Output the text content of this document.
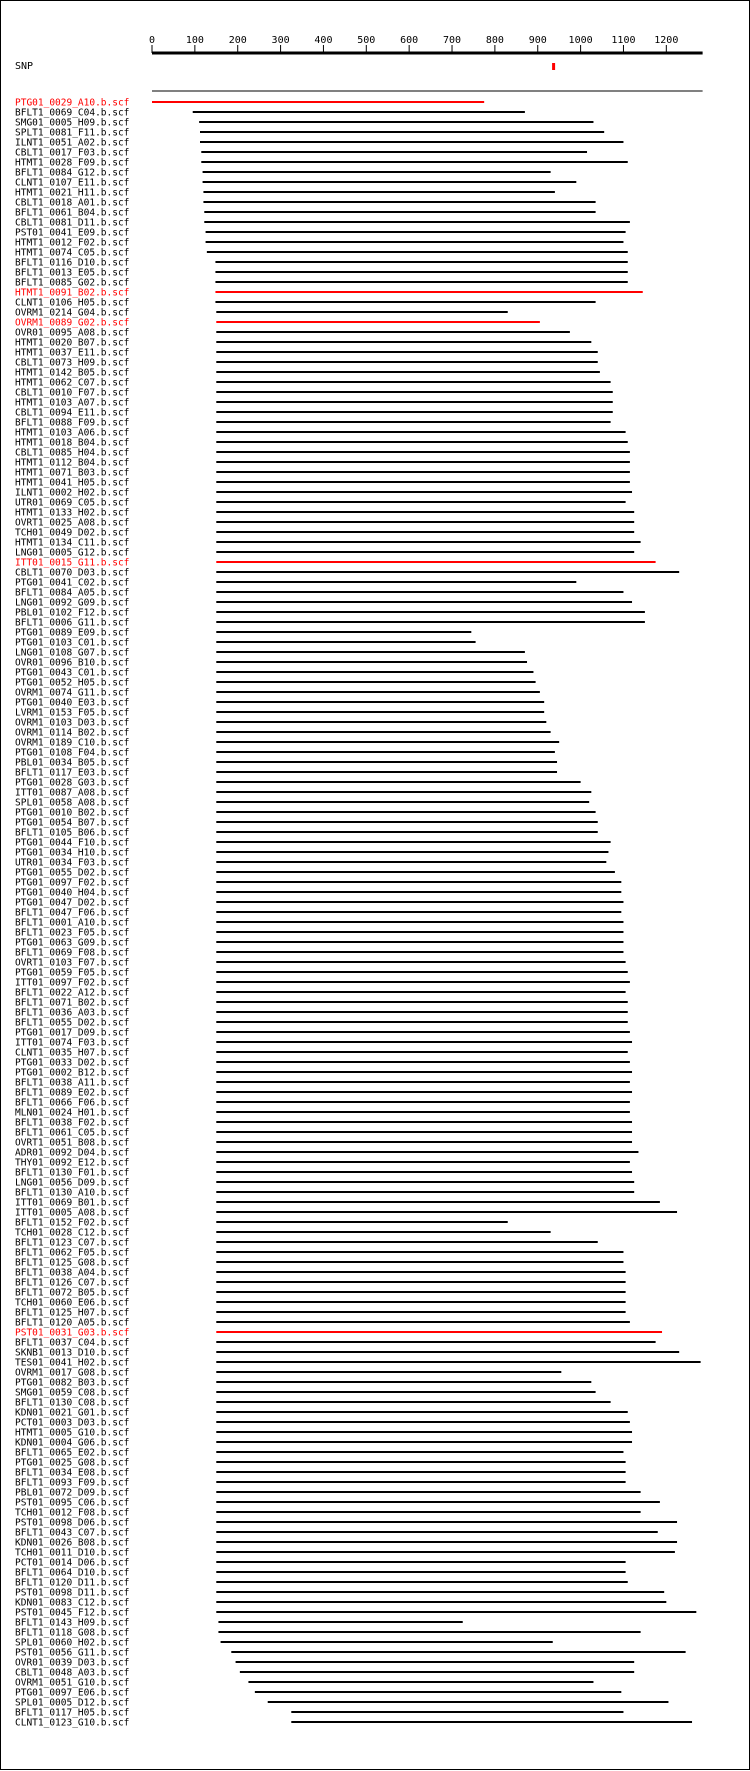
0	100 200 300 400 500 600 700 800 900 1000 1100 1200
SNP
PTG01_0029_A10.b.scf
BFLT1_0069_C04.b.scf
SMG01_0005_H09.b.scf
SPLT1_0081_F11.b.scf
ILNT1_0051_A02.b.scf
CBLT1_0017_F03.b.scf
HTMT1_0028_F09.b.scf
BFLT1_0084_G12.b.scf
CLNT1_0107_E11.b.scf
HTMT1_0021_H11.b.scf
CBLT1_0018_A01.b.scf
BFLT1_0061_B04.b.scf
CBLT1_0081_D11.b.scf
PST01_0041_E09.b.scf
HTMT1_0012_F02.b.scf
HTMT1_0074_C05.b.scf
BFLT1_0116_D10.b.scf
BFLT1_0013_E05.b.scf
BFLT1_0085_G02.b.scf
HTMT1_0091_B02.b.scf
CLNT1_0106_H05.b.scf
OVRM1_0214_G04.b.scf
OVRM1_0089_G02.b.scf
OVR01_0095_A08.b.scf
HTMT1_0020_B07.b.scf
HTMT1_0037_E11.b.scf
CBLT1_0073_H09.b.scf
HTMT1_0142_B05.b.scf
HTMT1_0062_C07.b.scf
CBLT1_0010_F07.b.scf
HTMT1_0103_A07.b.scf
CBLT1_0094_E11.b.scf
BFLT1_0088_F09.b.scf
HTMT1_0103_A06.b.scf
HTMT1_0018_B04.b.scf
CBLT1_0085_H04.b.scf
HTMT1_0112_B04.b.scf
HTMT1_0071_B03.b.scf
HTMT1_0041_H05.b.scf
ILNT1_0002_H02.b.scf
UTR01_0069_C05.b.scf
HTMT1_0133_H02.b.scf
OVRT1_0025_A08.b.scf
TCH01_0049_D02.b.scf
HTMT1_0134_C11.b.scf
LNG01_0005_G12.b.scf
ITT01_0015_G11.b.scf
CBLT1_0070_D03.b.scf
PTG01_0041_C02.b.scf
BFLT1_0084_A05.b.scf
LNG01_0092_G09.b.scf
PBL01_0102_F12.b.scf
BFLT1_0006_G11.b.scf
PTG01_0089_E09.b.scf
PTG01_0103_C01.b.scf
LNG01_0108_G07.b.scf
OVR01_0096_B10.b.scf
PTG01_0043_C01.b.scf
PTG01_0052_H05.b.scf
OVRM1_0074_G11.b.scf
PTG01_0040_E03.b.scf
LVRM1_0153_F05.b.scf
OVRM1_0103_D03.b.scf
OVRM1_0114_B02.b.scf
OVRM1_0189_C10.b.scf
PTG01_0108_F04.b.scf
PBL01_0034_B05.b.scf
BFLT1_0117_E03.b.scf
PTG01_0028_G03.b.scf
ITT01_0087_A08.b.scf
SPL01_0058_A08.b.scf
PTG01_0010_B02.b.scf
PTG01_0054_B07.b.scf
BFLT1_0105_B06.b.scf
PTG01_0044_F10.b.scf
PTG01_0034_H10.b.scf
UTR01_0034_F03.b.scf
PTG01_0055_D02.b.scf
PTG01_0097_F02.b.scf
PTG01_0040_H04.b.scf
PTG01_0047_D02.b.scf
BFLT1_0047_F06.b.scf
BFLT1_0001_A10.b.scf
BFLT1_0023_F05.b.scf
PTG01_0063_G09.b.scf
BFLT1_0069_F08.b.scf
OVRT1_0103_F07.b.scf
PTG01_0059_F05.b.scf
ITT01_0097_F02.b.scf
BFLT1_0022_A12.b.scf
BFLT1_0071_B02.b.scf
BFLT1_0036_A03.b.scf
BFLT1_0055_D02.b.scf
PTG01_0017_D09.b.scf
ITT01_0074_F03.b.scf
CLNT1_0035_H07.b.scf
PTG01_0033_D02.b.scf
PTG01_0002_B12.b.scf
BFLT1_0038_A11.b.scf
BFLT1_0089_E02.b.scf
BFLT1_0066_F06.b.scf
MLN01_0024_H01.b.scf
BFLT1_0038_F02.b.scf
BFLT1_0061_C05.b.scf
OVRT1_0051_B08.b.scf
ADR01_0092_D04.b.scf
THY01_0092_E12.b.scf
BFLT1_0130_F01.b.scf
LNG01_0056_D09.b.scf
BFLT1_0130_A10.b.scf
ITT01_0069_B01.b.scf
ITT01_0005_A08.b.scf
BFLT1_0152_F02.b.scf
TCH01_0028_C12.b.scf
BFLT1_0123_C07.b.scf
BFLT1_0062_F05.b.scf
BFLT1_0125_G08.b.scf
BFLT1_0038_A04.b.scf
BFLT1_0126_C07.b.scf
BFLT1_0072_B05.b.scf
TCH01_0060_E06.b.scf
BFLT1_0125_H07.b.scf
BFLT1_0120_A05.b.scf
PST01_0031_G03.b.scf
BFLT1_0037_C04.b.scf
SKNB1_0013_D10.b.scf
TES01_0041_H02.b.scf
OVRM1_0017_G08.b.scf
PTG01_0082_B03.b.scf
SMG01_0059_C08.b.scf
BFLT1_0130_C08.b.scf
KDN01_0021_G01.b.scf
PCT01_0003_D03.b.scf
HTMT1_0005_G10.b.scf
KDN01_0004_G06.b.scf
BFLT1_0065_E02.b.scf
PTG01_0025_G08.b.scf
BFLT1_0034_E08.b.scf
BFLT1_0093_F09.b.scf
PBL01_0072_D09.b.scf
PST01_0095_C06.b.scf
TCH01_0012_F08.b.scf
PST01_0098_D06.b.scf
BFLT1_0043_C07.b.scf
KDN01_0026_B08.b.scf
TCH01_0011_D10.b.scf
PCT01_0014_D06.b.scf
BFLT1_0064_D10.b.scf
BFLT1_0120_D11.b.scf
PST01_0098_D11.b.scf
KDN01_0083_C12.b.scf
PST01_0045_F12.b.scf
BFLT1_0143_H09.b.scf
BFLT1_0118_G08.b.scf
SPL01_0060_H02.b.scf
PST01_0056_G11.b.scf
OVR01_0039_D03.b.scf
CBLT1_0048_A03.b.scf
OVRM1_0051_G10.b.scf
PTG01_0097_E06.b.scf
SPL01_0005_D12.b.scf
BFLT1_0117_H05.b.scf
CLNT1_0123_G10.b.scf
